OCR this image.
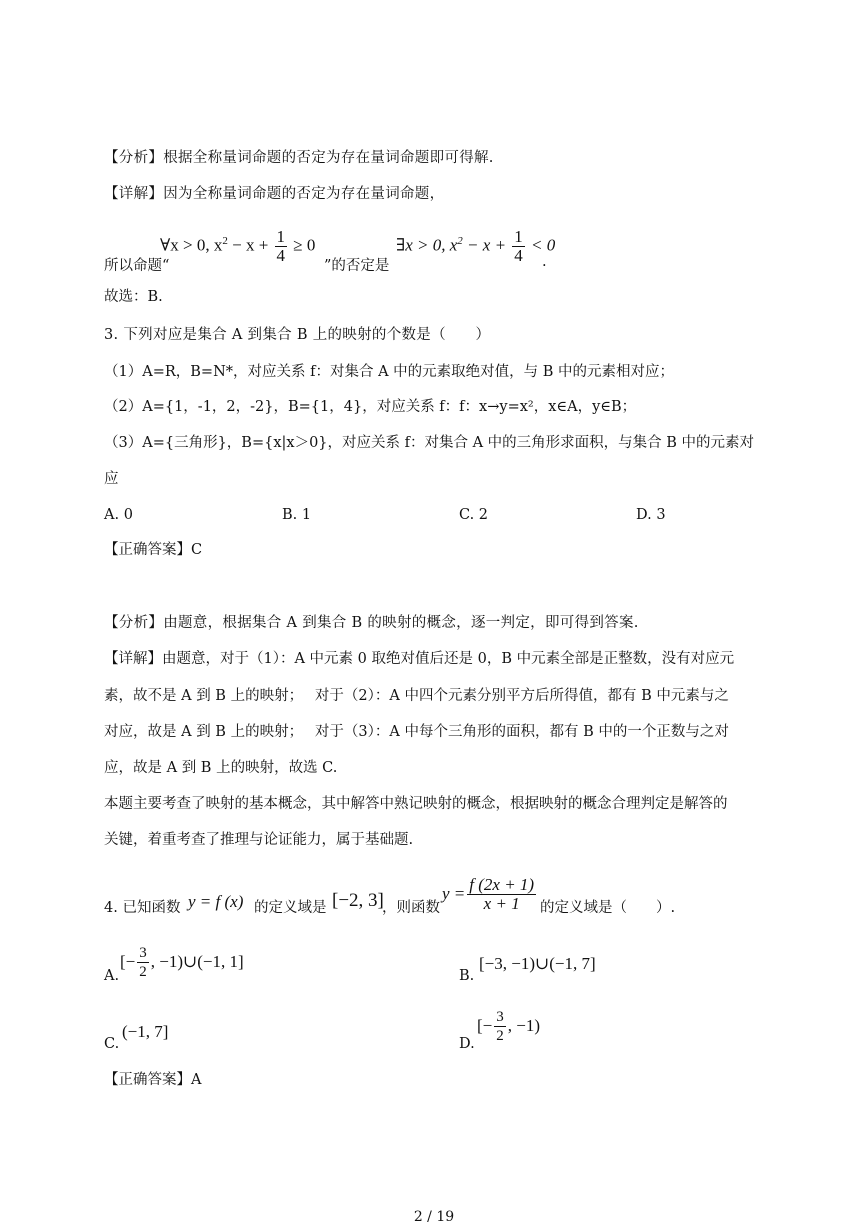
【分析】根据全称量词命题的否定为存在量词命题即可得解.
【详解】因为全称量词命题的否定为存在量词命题，
所以命题“
∀x > 0, $x^2 - x + \frac{1}{4} \ge 0$
”的否定是
∃x > 0, $x^2 - x + \frac{1}{4} < 0$
.
故选：B.
3. 下列对应是集合 A 到集合 B 上的映射的个数是（　　）
（1）A=R，B=N*，对应关系 f：对集合 A 中的元素取绝对值，与 B 中的元素相对应；
（2）A={1，-1，2，-2}，B={1，4}，对应关系 f：f：x→y=x²，x∈A，y∈B；
（3）A={三角形}，B={x|x＞0}，对应关系 f：对集合 A 中的三角形求面积，与集合 B 中的元素对
应
A. 0	B. 1	C. 2	D. 3
【正确答案】C
【分析】由题意，根据集合 A 到集合 B 的映射的概念，逐一判定，即可得到答案.
【详解】由题意，对于（1）：A 中元素 0 取绝对值后还是 0，B 中元素全部是正整数，没有对应元
素，故不是 A 到 B 上的映射；　 对于（2）：A 中四个元素分别平方后所得值，都有 B 中元素与之
对应，故是 A 到 B 上的映射；　 对于（3）：A 中每个三角形的面积，都有 B 中的一个正数与之对
应，故是 A 到 B 上的映射，故选 C.
本题主要考查了映射的基本概念，其中解答中熟记映射的概念，根据映射的概念合理判定是解答的
关键，着重考查了推理与论证能力，属于基础题.
4. 已知函数 y = f (x) 的定义域是 [−2, 3]
，则函数
$y = \frac{f (2x + 1)}{x + 1}$ 的定义域是（　　）.
A.
[− $\frac{3}{2}$ , −1)∪(−1, 1]
B.
[−3, −1)∪(−1, 7]
C.
(−1, 7]
D.
[− $\frac{3}{2}$ , −1)
【正确答案】A
2 / 19
